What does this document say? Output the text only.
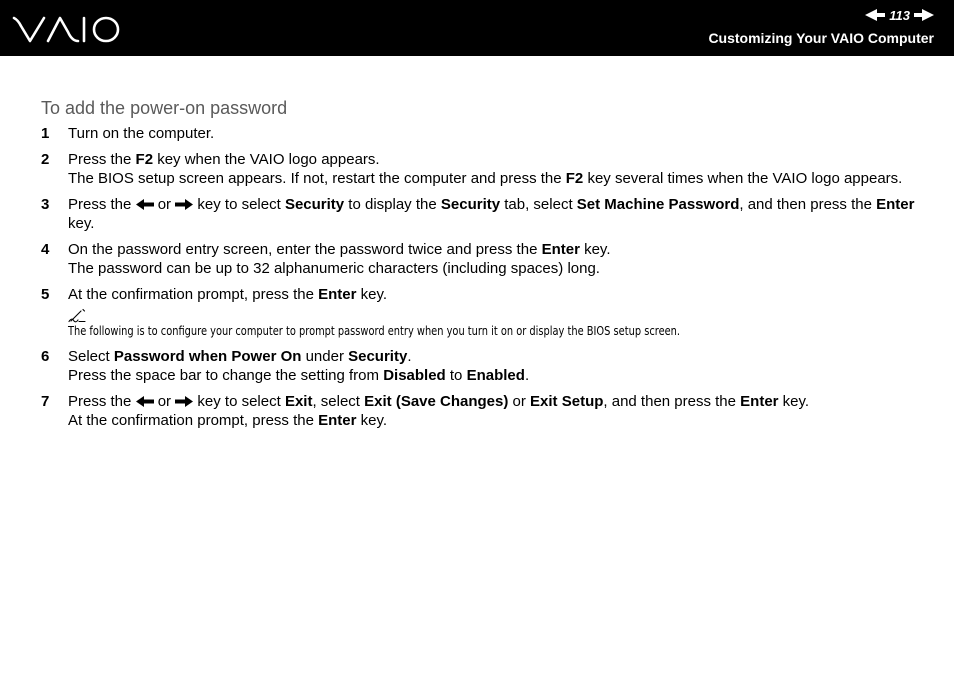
113
Customizing Your VAIO Computer
To add the power-on password
1	Turn on the computer.
2	Press the F2 key when the VAIO logo appears.
The BIOS setup screen appears. If not, restart the computer and press the F2 key several times when the VAIO logo appears.
3	Press the  or  key to select Security to display the Security tab, select Set Machine Password, and then press the Enter key.
4	On the password entry screen, enter the password twice and press the Enter key.
The password can be up to 32 alphanumeric characters (including spaces) long.
5	At the confirmation prompt, press the Enter key.
The following is to configure your computer to prompt password entry when you turn it on or display the BIOS setup screen.
6	Select Password when Power On under Security.
Press the space bar to change the setting from Disabled to Enabled.
7	Press the  or  key to select Exit, select Exit (Save Changes) or Exit Setup, and then press the Enter key.
At the confirmation prompt, press the Enter key.
